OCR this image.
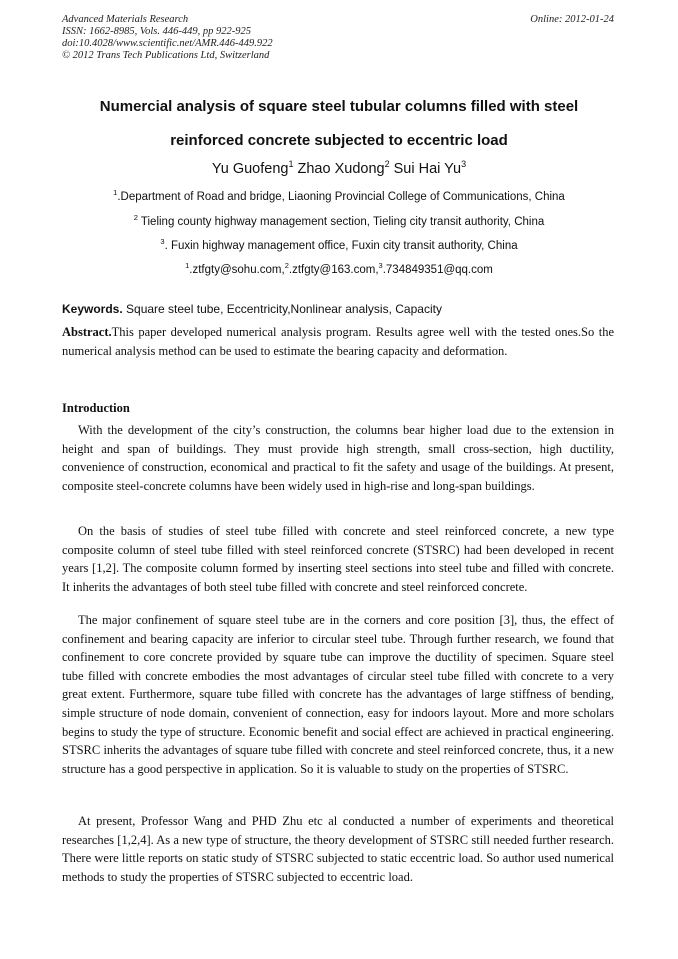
Advanced Materials Research
ISSN: 1662-8985, Vols. 446-449, pp 922-925
doi:10.4028/www.scientific.net/AMR.446-449.922
© 2012 Trans Tech Publications Ltd, Switzerland
Online: 2012-01-24
Numercial analysis of square steel tubular columns filled with steel
reinforced concrete subjected to eccentric load
Yu Guofeng$^1$ Zhao Xudong$^2$ Sui Hai Yu$^3$
$^1$.Department of Road and bridge, Liaoning Provincial College of Communications, China
$^2$ Tieling county highway management section, Tieling city transit authority, China
$^3$. Fuxin highway management office, Fuxin city transit authority, China
$^1$.ztfgty@sohu.com,$^2$.ztfgty@163.com,$^3$.734849351@qq.com
Keywords. Square steel tube, Eccentricity,Nonlinear analysis, Capacity
Abstract.This paper developed numerical analysis program. Results agree well with the tested ones.So the numerical analysis method can be used to estimate the bearing capacity and deformation.
Introduction
With the development of the city’s construction, the columns bear higher load due to the extension in height and span of buildings. They must provide high strength, small cross-section, high ductility, convenience of construction, economical and practical to fit the safety and usage of the buildings. At present, composite steel-concrete columns have been widely used in high-rise and long-span buildings.
On the basis of studies of steel tube filled with concrete and steel reinforced concrete, a new type composite column of steel tube filled with steel reinforced concrete (STSRC) had been developed in recent years [1,2]. The composite column formed by inserting steel sections into steel tube and filled with concrete. It inherits the advantages of both steel tube filled with concrete and steel reinforced concrete.
The major confinement of square steel tube are in the corners and core position [3], thus, the effect of confinement and bearing capacity are inferior to circular steel tube. Through further research, we found that confinement to core concrete provided by square tube can improve the ductility of specimen. Square steel tube filled with concrete embodies the most advantages of circular steel tube filled with concrete to a very great extent. Furthermore, square tube filled with concrete has the advantages of large stiffness of bending, simple structure of node domain, convenient of connection, easy for indoors layout. More and more scholars begins to study the type of structure. Economic benefit and social effect are achieved in practical engineering. STSRC inherits the advantages of square tube filled with concrete and steel reinforced concrete, thus, it a new structure has a good perspective in application. So it is valuable to study on the properties of STSRC.
At present, Professor Wang and PHD Zhu etc al conducted a number of experiments and theoretical researches [1,2,4]. As a new type of structure, the theory development of STSRC still needed further research. There were little reports on static study of STSRC subjected to static eccentric load. So author used numerical methods to study the properties of STSRC subjected to eccentric load.
